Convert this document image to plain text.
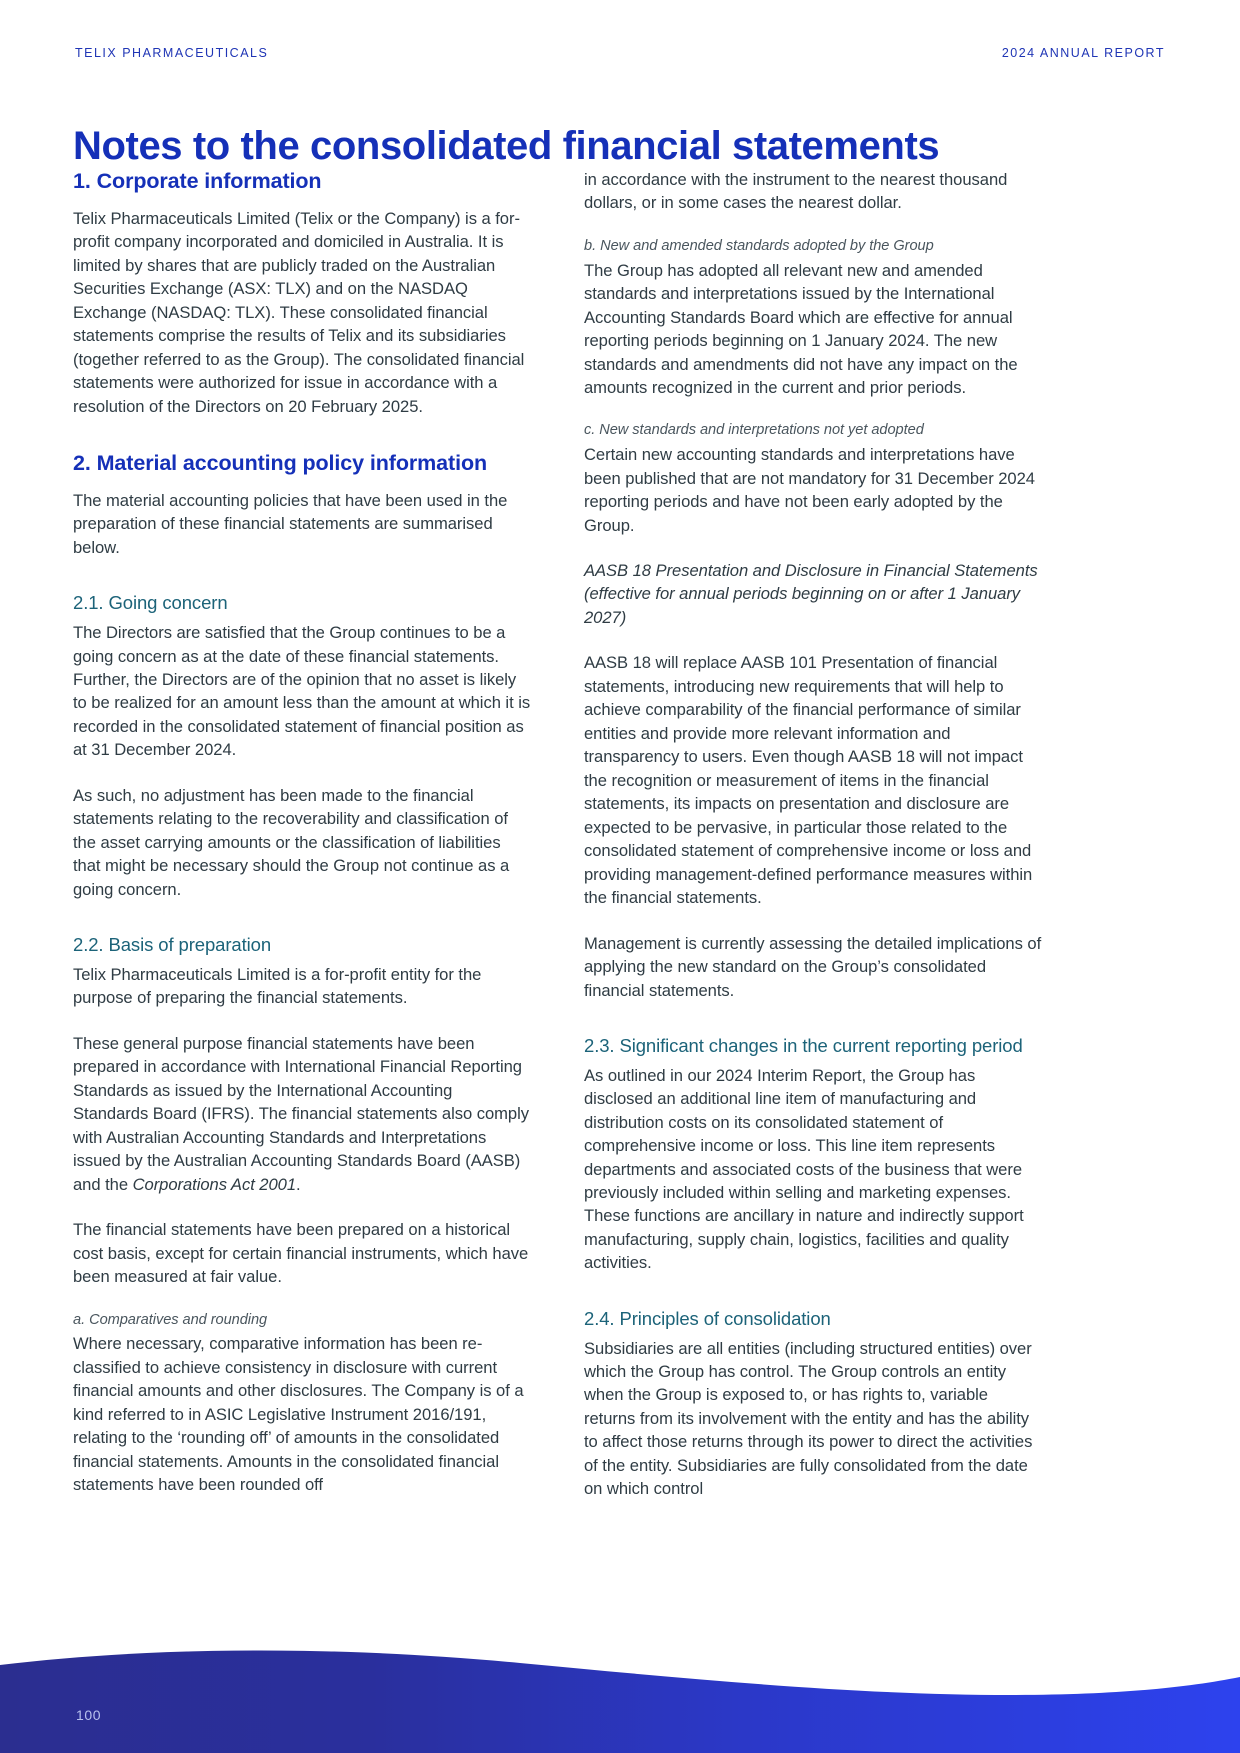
TELIX PHARMACEUTICALS	2024 ANNUAL REPORT
Notes to the consolidated financial statements
1. Corporate information

Telix Pharmaceuticals Limited (Telix or the Company) is a for-profit company incorporated and domiciled in Australia. It is limited by shares that are publicly traded on the Australian Securities Exchange (ASX: TLX) and on the NASDAQ Exchange (NASDAQ: TLX). These consolidated financial statements comprise the results of Telix and its subsidiaries (together referred to as the Group). The consolidated financial statements were authorized for issue in accordance with a resolution of the Directors on 20 February 2025.

2. Material accounting policy information

The material accounting policies that have been used in the preparation of these financial statements are summarised below.

2.1. Going concern

The Directors are satisfied that the Group continues to be a going concern as at the date of these financial statements. Further, the Directors are of the opinion that no asset is likely to be realized for an amount less than the amount at which it is recorded in the consolidated statement of financial position as at 31 December 2024.

As such, no adjustment has been made to the financial statements relating to the recoverability and classification of the asset carrying amounts or the classification of liabilities that might be necessary should the Group not continue as a going concern.

2.2. Basis of preparation

Telix Pharmaceuticals Limited is a for-profit entity for the purpose of preparing the financial statements.

These general purpose financial statements have been prepared in accordance with International Financial Reporting Standards as issued by the International Accounting Standards Board (IFRS). The financial statements also comply with Australian Accounting Standards and Interpretations issued by the Australian Accounting Standards Board (AASB) and the Corporations Act 2001.

The financial statements have been prepared on a historical cost basis, except for certain financial instruments, which have been measured at fair value.

a. Comparatives and rounding

Where necessary, comparative information has been re-classified to achieve consistency in disclosure with current financial amounts and other disclosures. The Company is of a kind referred to in ASIC Legislative Instrument 2016/191, relating to the ‘rounding off’ of amounts in the consolidated financial statements. Amounts in the consolidated financial statements have been rounded off

in accordance with the instrument to the nearest thousand dollars, or in some cases the nearest dollar.

b. New and amended standards adopted by the Group

The Group has adopted all relevant new and amended standards and interpretations issued by the International Accounting Standards Board which are effective for annual reporting periods beginning on 1 January 2024. The new standards and amendments did not have any impact on the amounts recognized in the current and prior periods.

c. New standards and interpretations not yet adopted

Certain new accounting standards and interpretations have been published that are not mandatory for 31 December 2024 reporting periods and have not been early adopted by the Group.

AASB 18 Presentation and Disclosure in Financial Statements (effective for annual periods beginning on or after 1 January 2027)

AASB 18 will replace AASB 101 Presentation of financial statements, introducing new requirements that will help to achieve comparability of the financial performance of similar entities and provide more relevant information and transparency to users. Even though AASB 18 will not impact the recognition or measurement of items in the financial statements, its impacts on presentation and disclosure are expected to be pervasive, in particular those related to the consolidated statement of comprehensive income or loss and providing management-defined performance measures within the financial statements.

Management is currently assessing the detailed implications of applying the new standard on the Group’s consolidated financial statements.

2.3. Significant changes in the current reporting period

As outlined in our 2024 Interim Report, the Group has disclosed an additional line item of manufacturing and distribution costs on its consolidated statement of comprehensive income or loss. This line item represents departments and associated costs of the business that were previously included within selling and marketing expenses. These functions are ancillary in nature and indirectly support manufacturing, supply chain, logistics, facilities and quality activities.

2.4. Principles of consolidation

Subsidiaries are all entities (including structured entities) over which the Group has control. The Group controls an entity when the Group is exposed to, or has rights to, variable returns from its involvement with the entity and has the ability to affect those returns through its power to direct the activities of the entity. Subsidiaries are fully consolidated from the date on which control

100
